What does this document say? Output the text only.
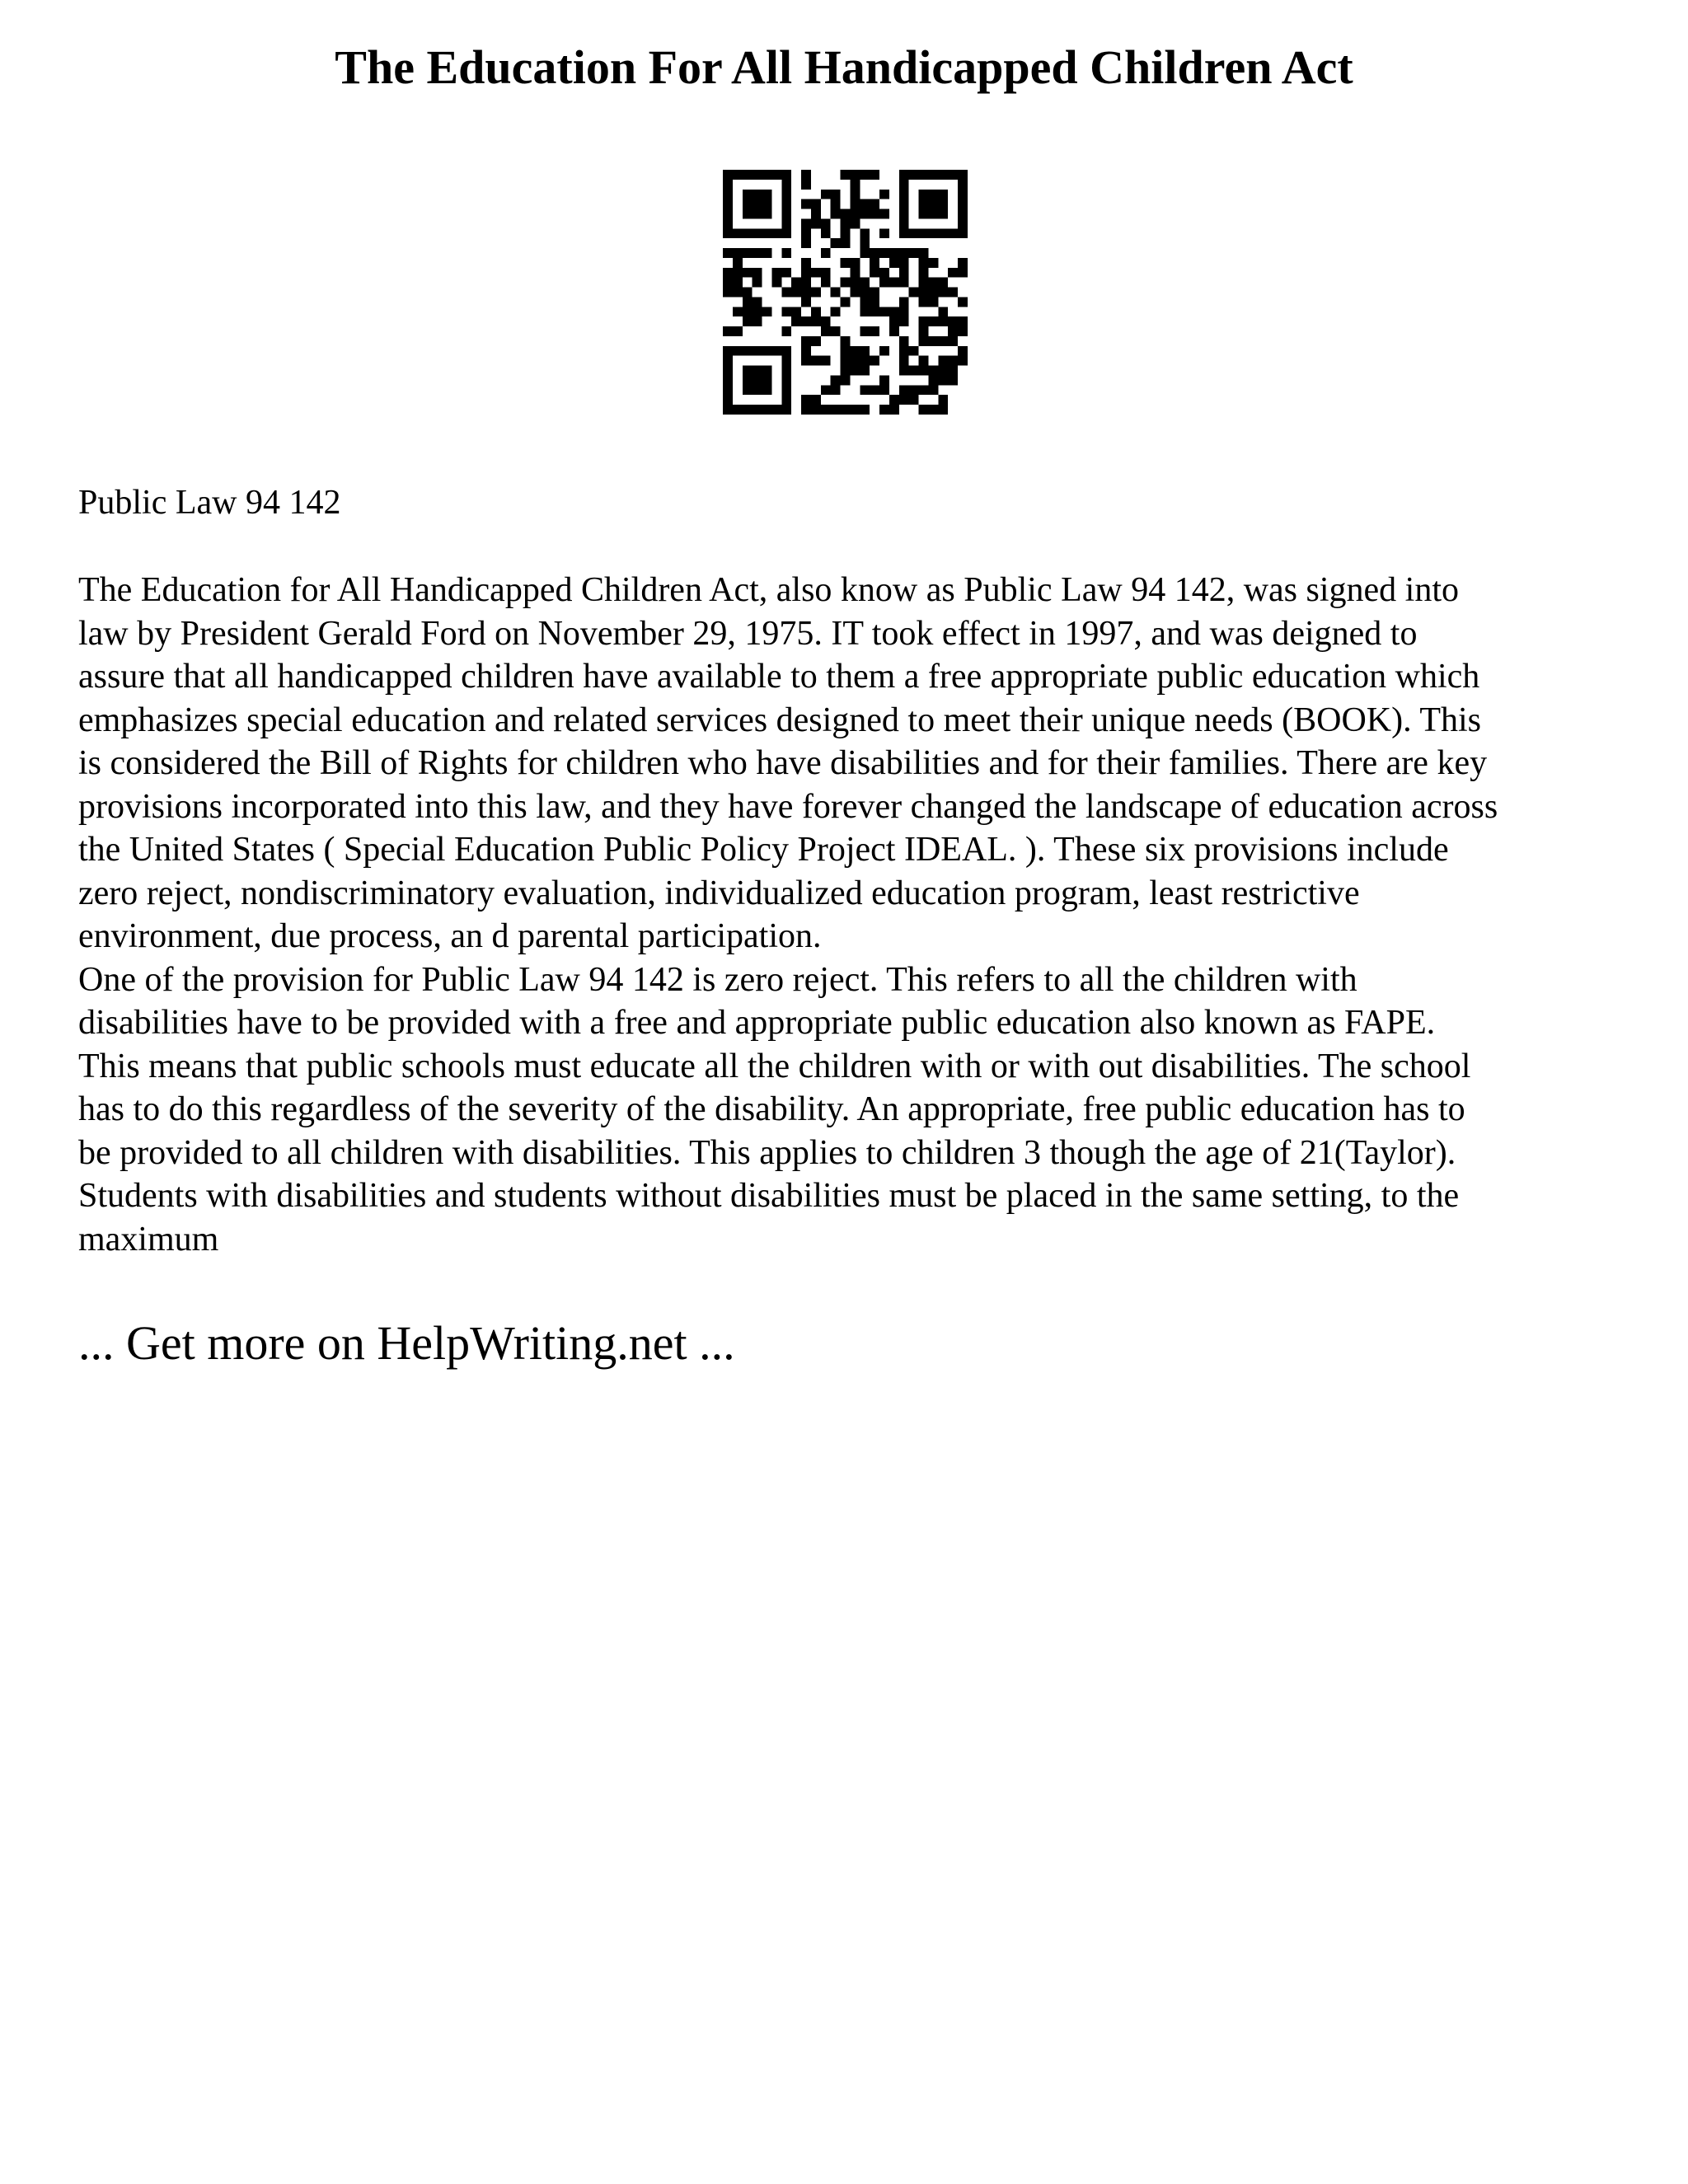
The Education For All Handicapped Children Act

Public Law 94 142

The Education for All Handicapped Children Act, also know as Public Law 94 142, was signed into
law by President Gerald Ford on November 29, 1975. IT took effect in 1997, and was deigned to
assure that all handicapped children have available to them a free appropriate public education which
emphasizes special education and related services designed to meet their unique needs (BOOK). This
is considered the Bill of Rights for children who have disabilities and for their families. There are key
provisions incorporated into this law, and they have forever changed the landscape of education across
the United States ( Special Education Public Policy Project IDEAL. ). These six provisions include
zero reject, nondiscriminatory evaluation, individualized education program, least restrictive
environment, due process, an d parental participation.
One of the provision for Public Law 94 142 is zero reject. This refers to all the children with
disabilities have to be provided with a free and appropriate public education also known as FAPE.
This means that public schools must educate all the children with or with out disabilities. The school
has to do this regardless of the severity of the disability. An appropriate, free public education has to
be provided to all children with disabilities. This applies to children 3 though the age of 21(Taylor).
Students with disabilities and students without disabilities must be placed in the same setting, to the
maximum
... Get more on HelpWriting.net ...
